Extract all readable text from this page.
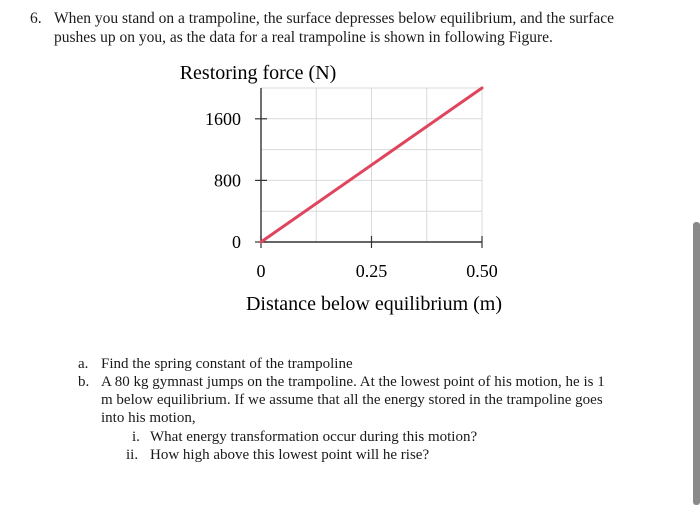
6. When you stand on a trampoline, the surface depresses below equilibrium, and the surface
pushes up on you, as the data for a real trampoline is shown in following Figure.
Restoring force (N)
0
800
1600
0	0.25	0.50
Distance below equilibrium (m)
a. Find the spring constant of the trampoline
b. A 80 kg gymnast jumps on the trampoline. At the lowest point of his motion, he is 1
m below equilibrium. If we assume that all the energy stored in the trampoline goes
into his motion,
i. What energy transformation occur during this motion?
ii. How high above this lowest point will he rise?
